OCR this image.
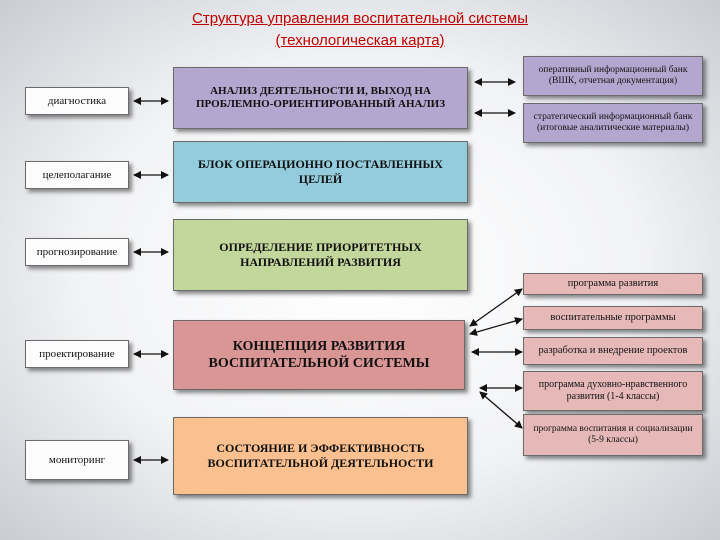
Структура управления воспитательной системы
(технологическая карта)
диагностика
целеполагание
прогнозирование
проектирование
мониторинг
АНАЛИЗ ДЕЯТЕЛЬНОСТИ И, ВЫХОД НА ПРОБЛЕМНО-ОРИЕНТИРОВАННЫЙ АНАЛИЗ
БЛОК ОПЕРАЦИОННО ПОСТАВЛЕННЫХ ЦЕЛЕЙ
ОПРЕДЕЛЕНИЕ ПРИОРИТЕТНЫХ НАПРАВЛЕНИЙ РАЗВИТИЯ
КОНЦЕПЦИЯ РАЗВИТИЯ ВОСПИТАТЕЛЬНОЙ СИСТЕМЫ
СОСТОЯНИЕ И ЭФФЕКТИВНОСТЬ ВОСПИТАТЕЛЬНОЙ ДЕЯТЕЛЬНОСТИ
оперативный информационный банк (ВШК, отчетная документация)
стратегический информационный банк (итоговые аналитические материалы)
программа развития
воспитательные программы
разработка и внедрение проектов
программа духовно-нравственного развития (1-4 классы)
программа воспитания и социализации (5-9 классы)
